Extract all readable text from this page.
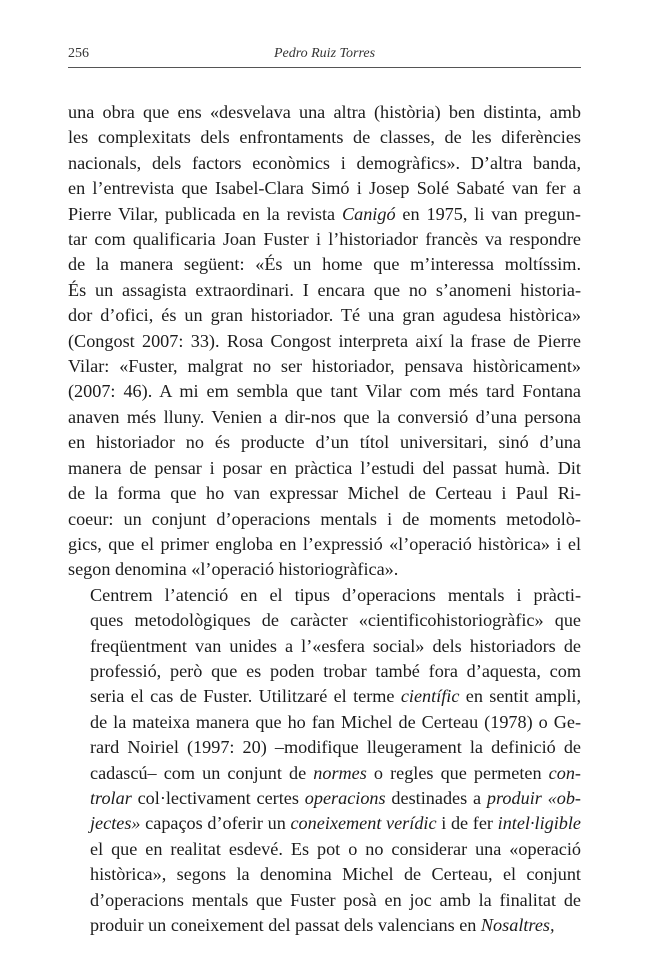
256	Pedro Ruiz Torres

una obra que ens «desvelava una altra (història) ben distinta, amb
les complexitats dels enfrontaments de classes, de les diferències
nacionals, dels factors econòmics i demogràfics». D’altra banda,
en l’entrevista que Isabel-Clara Simó i Josep Solé Sabaté van fer a
Pierre Vilar, publicada en la revista Canigó en 1975, li van pregun-
tar com qualificaria Joan Fuster i l’historiador francès va respondre
de la manera següent: «És un home que m’interessa moltíssim.
És un assagista extraordinari. I encara que no s’anomeni historia-
dor d’ofici, és un gran historiador. Té una gran agudesa històrica»
(Congost 2007: 33). Rosa Congost interpreta així la frase de Pierre
Vilar: «Fuster, malgrat no ser historiador, pensava històricament»
(2007: 46). A mi em sembla que tant Vilar com més tard Fontana
anaven més lluny. Venien a dir-nos que la conversió d’una persona
en historiador no és producte d’un títol universitari, sinó d’una
manera de pensar i posar en pràctica l’estudi del passat humà. Dit
de la forma que ho van expressar Michel de Certeau i Paul Ri-
coeur: un conjunt d’operacions mentals i de moments metodolò-
gics, que el primer engloba en l’expressió «l’operació històrica» i el
segon denomina «l’operació historiogràfica».

Centrem l’atenció en el tipus d’operacions mentals i pràcti-
ques metodològiques de caràcter «cientificohistoriogràfic» que
freqüentment van unides a l’«esfera social» dels historiadors de
professió, però que es poden trobar també fora d’aquesta, com
seria el cas de Fuster. Utilitzaré el terme científic en sentit ampli,
de la mateixa manera que ho fan Michel de Certeau (1978) o Ge-
rard Noiriel (1997: 20) –modifique lleugerament la definició de
cadascú– com un conjunt de normes o regles que permeten con-
trolar col·lectivament certes operacions destinades a produir «ob-
jectes» capaços d’oferir un coneixement verídic i de fer intel·ligible
el que en realitat esdevé. Es pot o no considerar una «operació
històrica», segons la denomina Michel de Certeau, el conjunt
d’operacions mentals que Fuster posà en joc amb la finalitat de
produir un coneixement del passat dels valencians en Nosaltres,
